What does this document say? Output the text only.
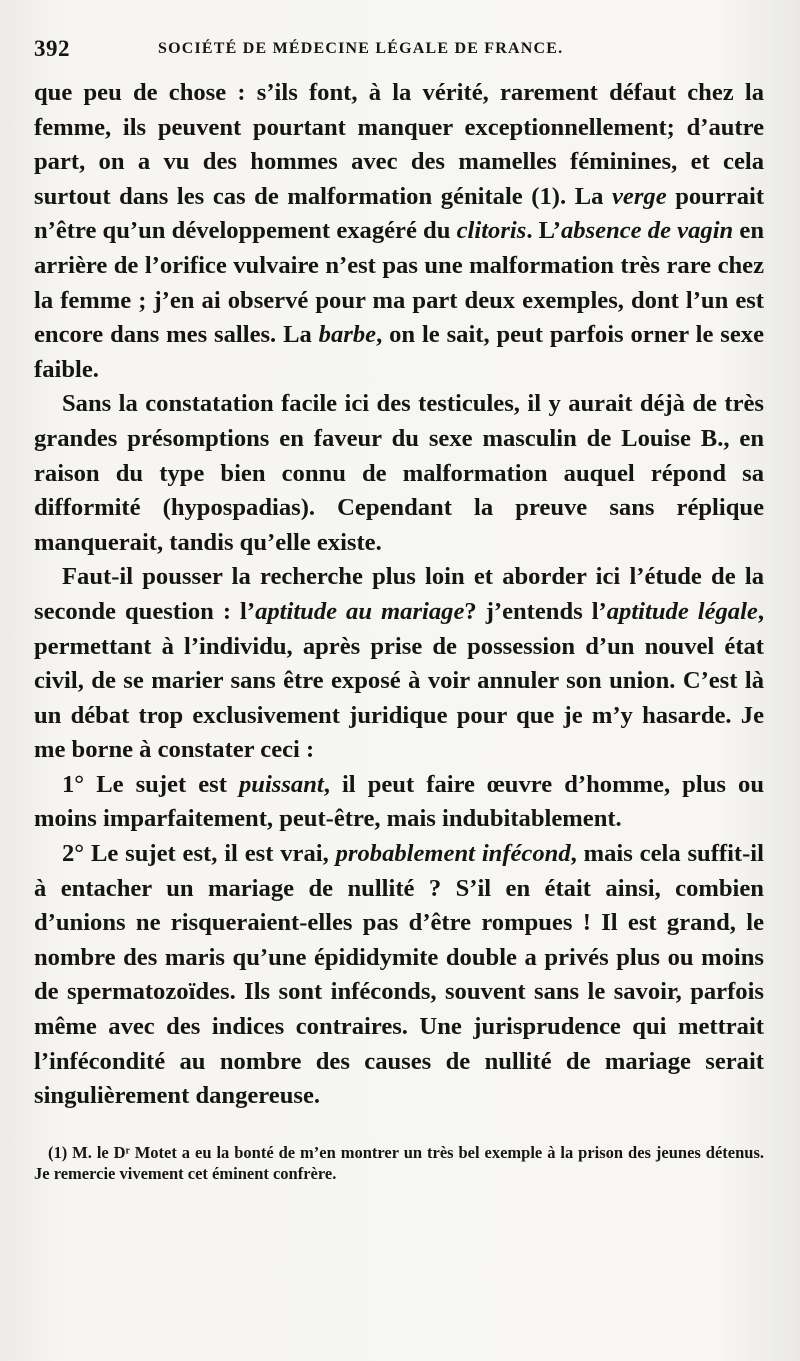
392	SOCIÉTÉ DE MÉDECINE LÉGALE DE FRANCE.

que peu de chose : s’ils font, à la vérité, rarement défaut chez la femme, ils peuvent pourtant manquer exceptionnellement; d’autre part, on a vu des hommes avec des mamelles féminines, et cela surtout dans les cas de malformation génitale (1). La verge pourrait n’être qu’un développement exagéré du clitoris. L’absence de vagin en arrière de l’orifice vulvaire n’est pas une malformation très rare chez la femme ; j’en ai observé pour ma part deux exemples, dont l’un est encore dans mes salles. La barbe, on le sait, peut parfois orner le sexe faible.

Sans la constatation facile ici des testicules, il y aurait déjà de très grandes présomptions en faveur du sexe masculin de Louise B., en raison du type bien connu de malformation auquel répond sa difformité (hypospadias). Cependant la preuve sans réplique manquerait, tandis qu’elle existe.

Faut-il pousser la recherche plus loin et aborder ici l’étude de la seconde question : l’aptitude au mariage? j’entends l’aptitude légale, permettant à l’individu, après prise de possession d’un nouvel état civil, de se marier sans être exposé à voir annuler son union. C’est là un débat trop exclusivement juridique pour que je m’y hasarde. Je me borne à constater ceci :

1° Le sujet est puissant, il peut faire œuvre d’homme, plus ou moins imparfaitement, peut-être, mais indubitablement.

2° Le sujet est, il est vrai, probablement infécond, mais cela suffit-il à entacher un mariage de nullité ? S’il en était ainsi, combien d’unions ne risqueraient-elles pas d’être rompues ! Il est grand, le nombre des maris qu’une épididymite double a privés plus ou moins de spermatozoïdes. Ils sont inféconds, souvent sans le savoir, parfois même avec des indices contraires. Une jurisprudence qui mettrait l’infécondité au nombre des causes de nullité de mariage serait singulièrement dangereuse.

(1) M. le Dʳ Motet a eu la bonté de m’en montrer un très bel exemple à la prison des jeunes détenus. Je remercie vivement cet éminent confrère.
